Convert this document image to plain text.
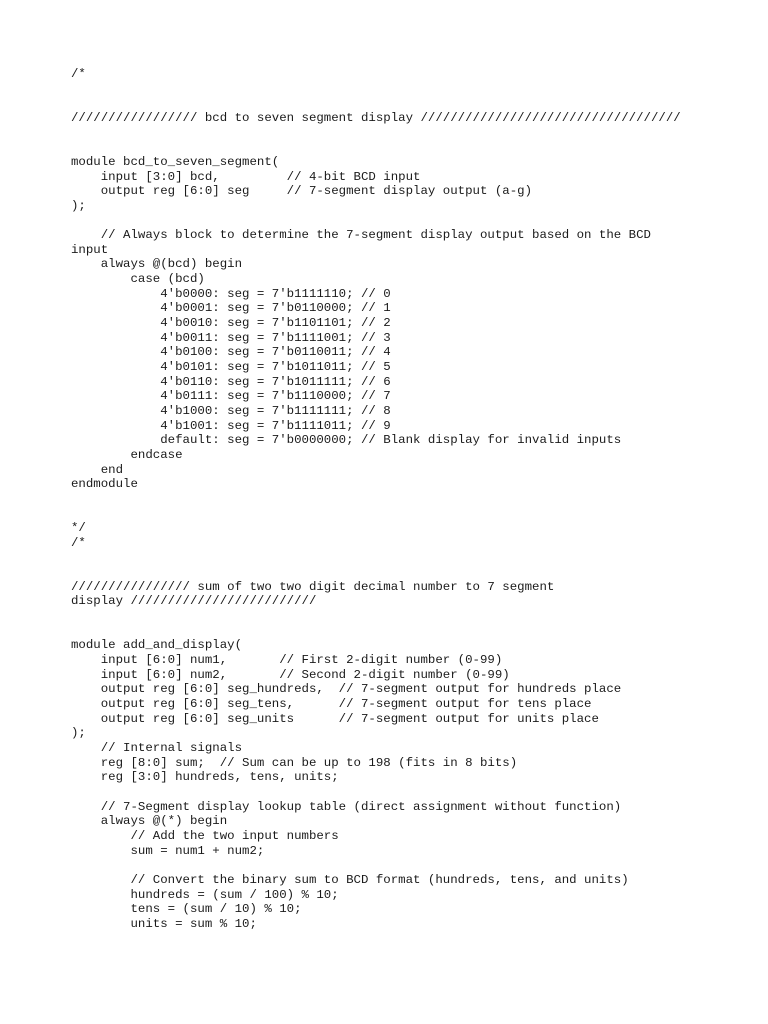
/*
///////////////// bcd to seven segment display ///////////////////////////////////
module bcd_to_seven_segment(
input [3:0] bcd,         // 4-bit BCD input
output reg [6:0] seg     // 7-segment display output (a-g)
);
// Always block to determine the 7-segment display output based on the BCD
input
always @(bcd) begin
case (bcd)
4'b0000: seg = 7'b1111110; // 0
4'b0001: seg = 7'b0110000; // 1
4'b0010: seg = 7'b1101101; // 2
4'b0011: seg = 7'b1111001; // 3
4'b0100: seg = 7'b0110011; // 4
4'b0101: seg = 7'b1011011; // 5
4'b0110: seg = 7'b1011111; // 6
4'b0111: seg = 7'b1110000; // 7
4'b1000: seg = 7'b1111111; // 8
4'b1001: seg = 7'b1111011; // 9
default: seg = 7'b0000000; // Blank display for invalid inputs
endcase
end
endmodule
*/
/*
//////////////// sum of two two digit decimal number to 7 segment
display /////////////////////////
module add_and_display(
input [6:0] num1,       // First 2-digit number (0-99)
input [6:0] num2,       // Second 2-digit number (0-99)
output reg [6:0] seg_hundreds,  // 7-segment output for hundreds place
output reg [6:0] seg_tens,      // 7-segment output for tens place
output reg [6:0] seg_units      // 7-segment output for units place
);
// Internal signals
reg [8:0] sum;  // Sum can be up to 198 (fits in 8 bits)
reg [3:0] hundreds, tens, units;
// 7-Segment display lookup table (direct assignment without function)
always @(*) begin
// Add the two input numbers
sum = num1 + num2;
// Convert the binary sum to BCD format (hundreds, tens, and units)
hundreds = (sum / 100) % 10;
tens = (sum / 10) % 10;
units = sum % 10;
